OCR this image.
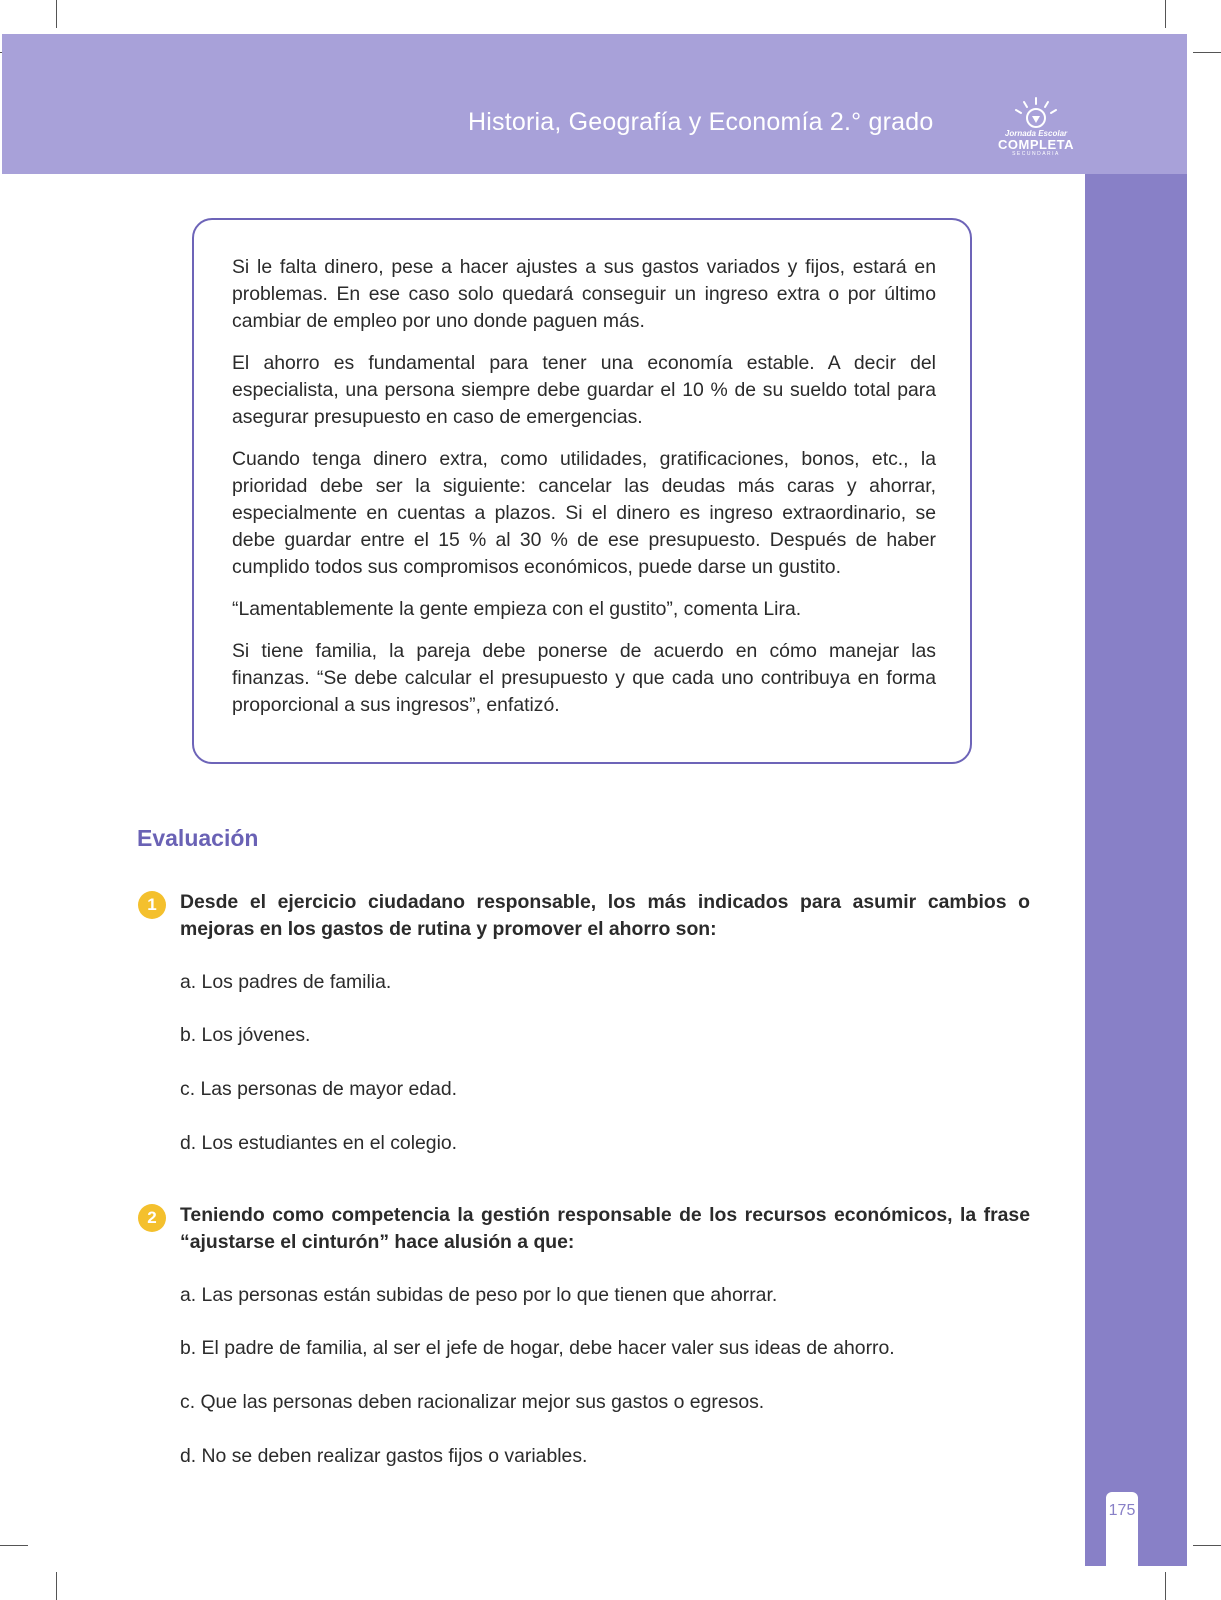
Historia, Geografía y Economía 2.° grado	Jornada Escolar
COMPLETA
SECUNDARIA
175

Si le falta dinero, pese a hacer ajustes a sus gastos variados y fijos, estará en problemas. En ese caso solo quedará conseguir un ingreso extra o por último cambiar de empleo por uno donde paguen más.

El ahorro es fundamental para tener una economía estable. A decir del especialista, una persona siempre debe guardar el 10 % de su sueldo total para asegurar presupuesto en caso de emergencias.

Cuando tenga dinero extra, como utilidades, gratificaciones, bonos, etc., la prioridad debe ser la siguiente: cancelar las deudas más caras y ahorrar, especialmente en cuentas a plazos. Si el dinero es ingreso extraordinario, se debe guardar entre el 15 % al 30 % de ese presupuesto. Después de haber cumplido todos sus compromisos económicos, puede darse un gustito.

“Lamentablemente la gente empieza con el gustito”, comenta Lira.

Si tiene familia, la pareja debe ponerse de acuerdo en cómo manejar las finanzas. “Se debe calcular el presupuesto y que cada uno contribuya en forma proporcional a sus ingresos”, enfatizó.

Evaluación
1	Desde el ejercicio ciudadano responsable, los más indicados para asumir cambios o mejoras en los gastos de rutina y promover el ahorro son:
a. Los padres de familia.
b. Los jóvenes.
c. Las personas de mayor edad.
d. Los estudiantes en el colegio.
2	Teniendo como competencia la gestión responsable de los recursos económicos, la frase “ajustarse el cinturón” hace alusión a que:
a. Las personas están subidas de peso por lo que tienen que ahorrar.
b. El padre de familia, al ser el jefe de hogar, debe hacer valer sus ideas de ahorro.
c. Que las personas deben racionalizar mejor sus gastos o egresos.
d. No se deben realizar gastos fijos o variables.
